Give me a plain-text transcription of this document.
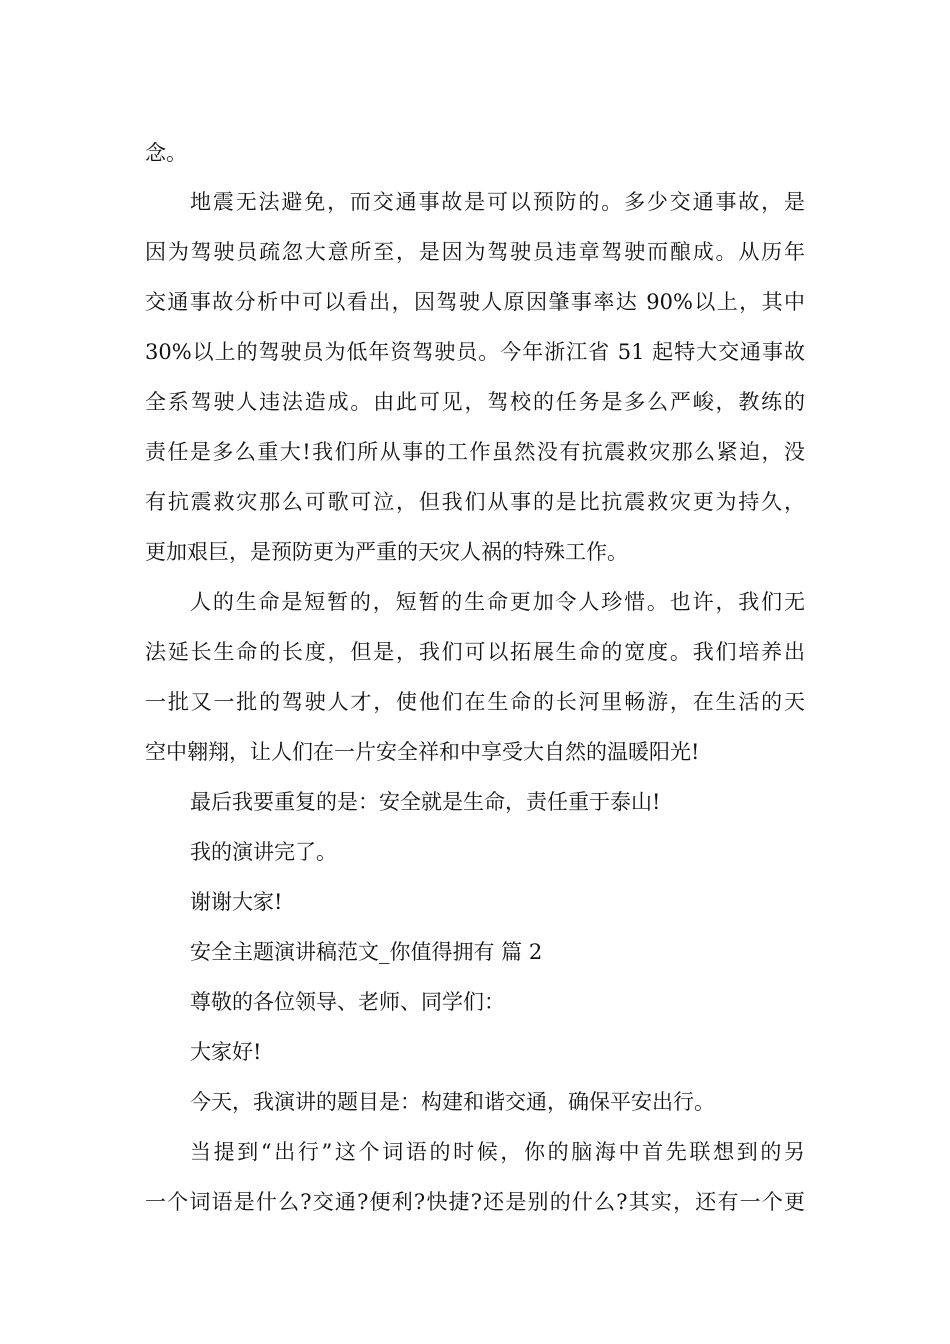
念。
地震无法避免，而交通事故是可以预防的。多少交通事故，是
因为驾驶员疏忽大意所至，是因为驾驶员违章驾驶而酿成。从历年
交通事故分析中可以看出，因驾驶人原因肇事率达 90%以上，其中
30%以上的驾驶员为低年资驾驶员。今年浙江省 51 起特大交通事故
全系驾驶人违法造成。由此可见，驾校的任务是多么严峻，教练的
责任是多么重大!我们所从事的工作虽然没有抗震救灾那么紧迫，没
有抗震救灾那么可歌可泣，但我们从事的是比抗震救灾更为持久，
更加艰巨，是预防更为严重的天灾人祸的特殊工作。
人的生命是短暂的，短暂的生命更加令人珍惜。也许，我们无
法延长生命的长度，但是，我们可以拓展生命的宽度。我们培养出
一批又一批的驾驶人才，使他们在生命的长河里畅游，在生活的天
空中翱翔，让人们在一片安全祥和中享受大自然的温暖阳光!
最后我要重复的是：安全就是生命，责任重于泰山!
我的演讲完了。
谢谢大家!
安全主题演讲稿范文_你值得拥有 篇 2
尊敬的各位领导、老师、同学们：
大家好!
今天，我演讲的题目是：构建和谐交通，确保平安出行。
当提到“出行”这个词语的时候，你的脑海中首先联想到的另
一个词语是什么?交通?便利?快捷?还是别的什么?其实，还有一个更
